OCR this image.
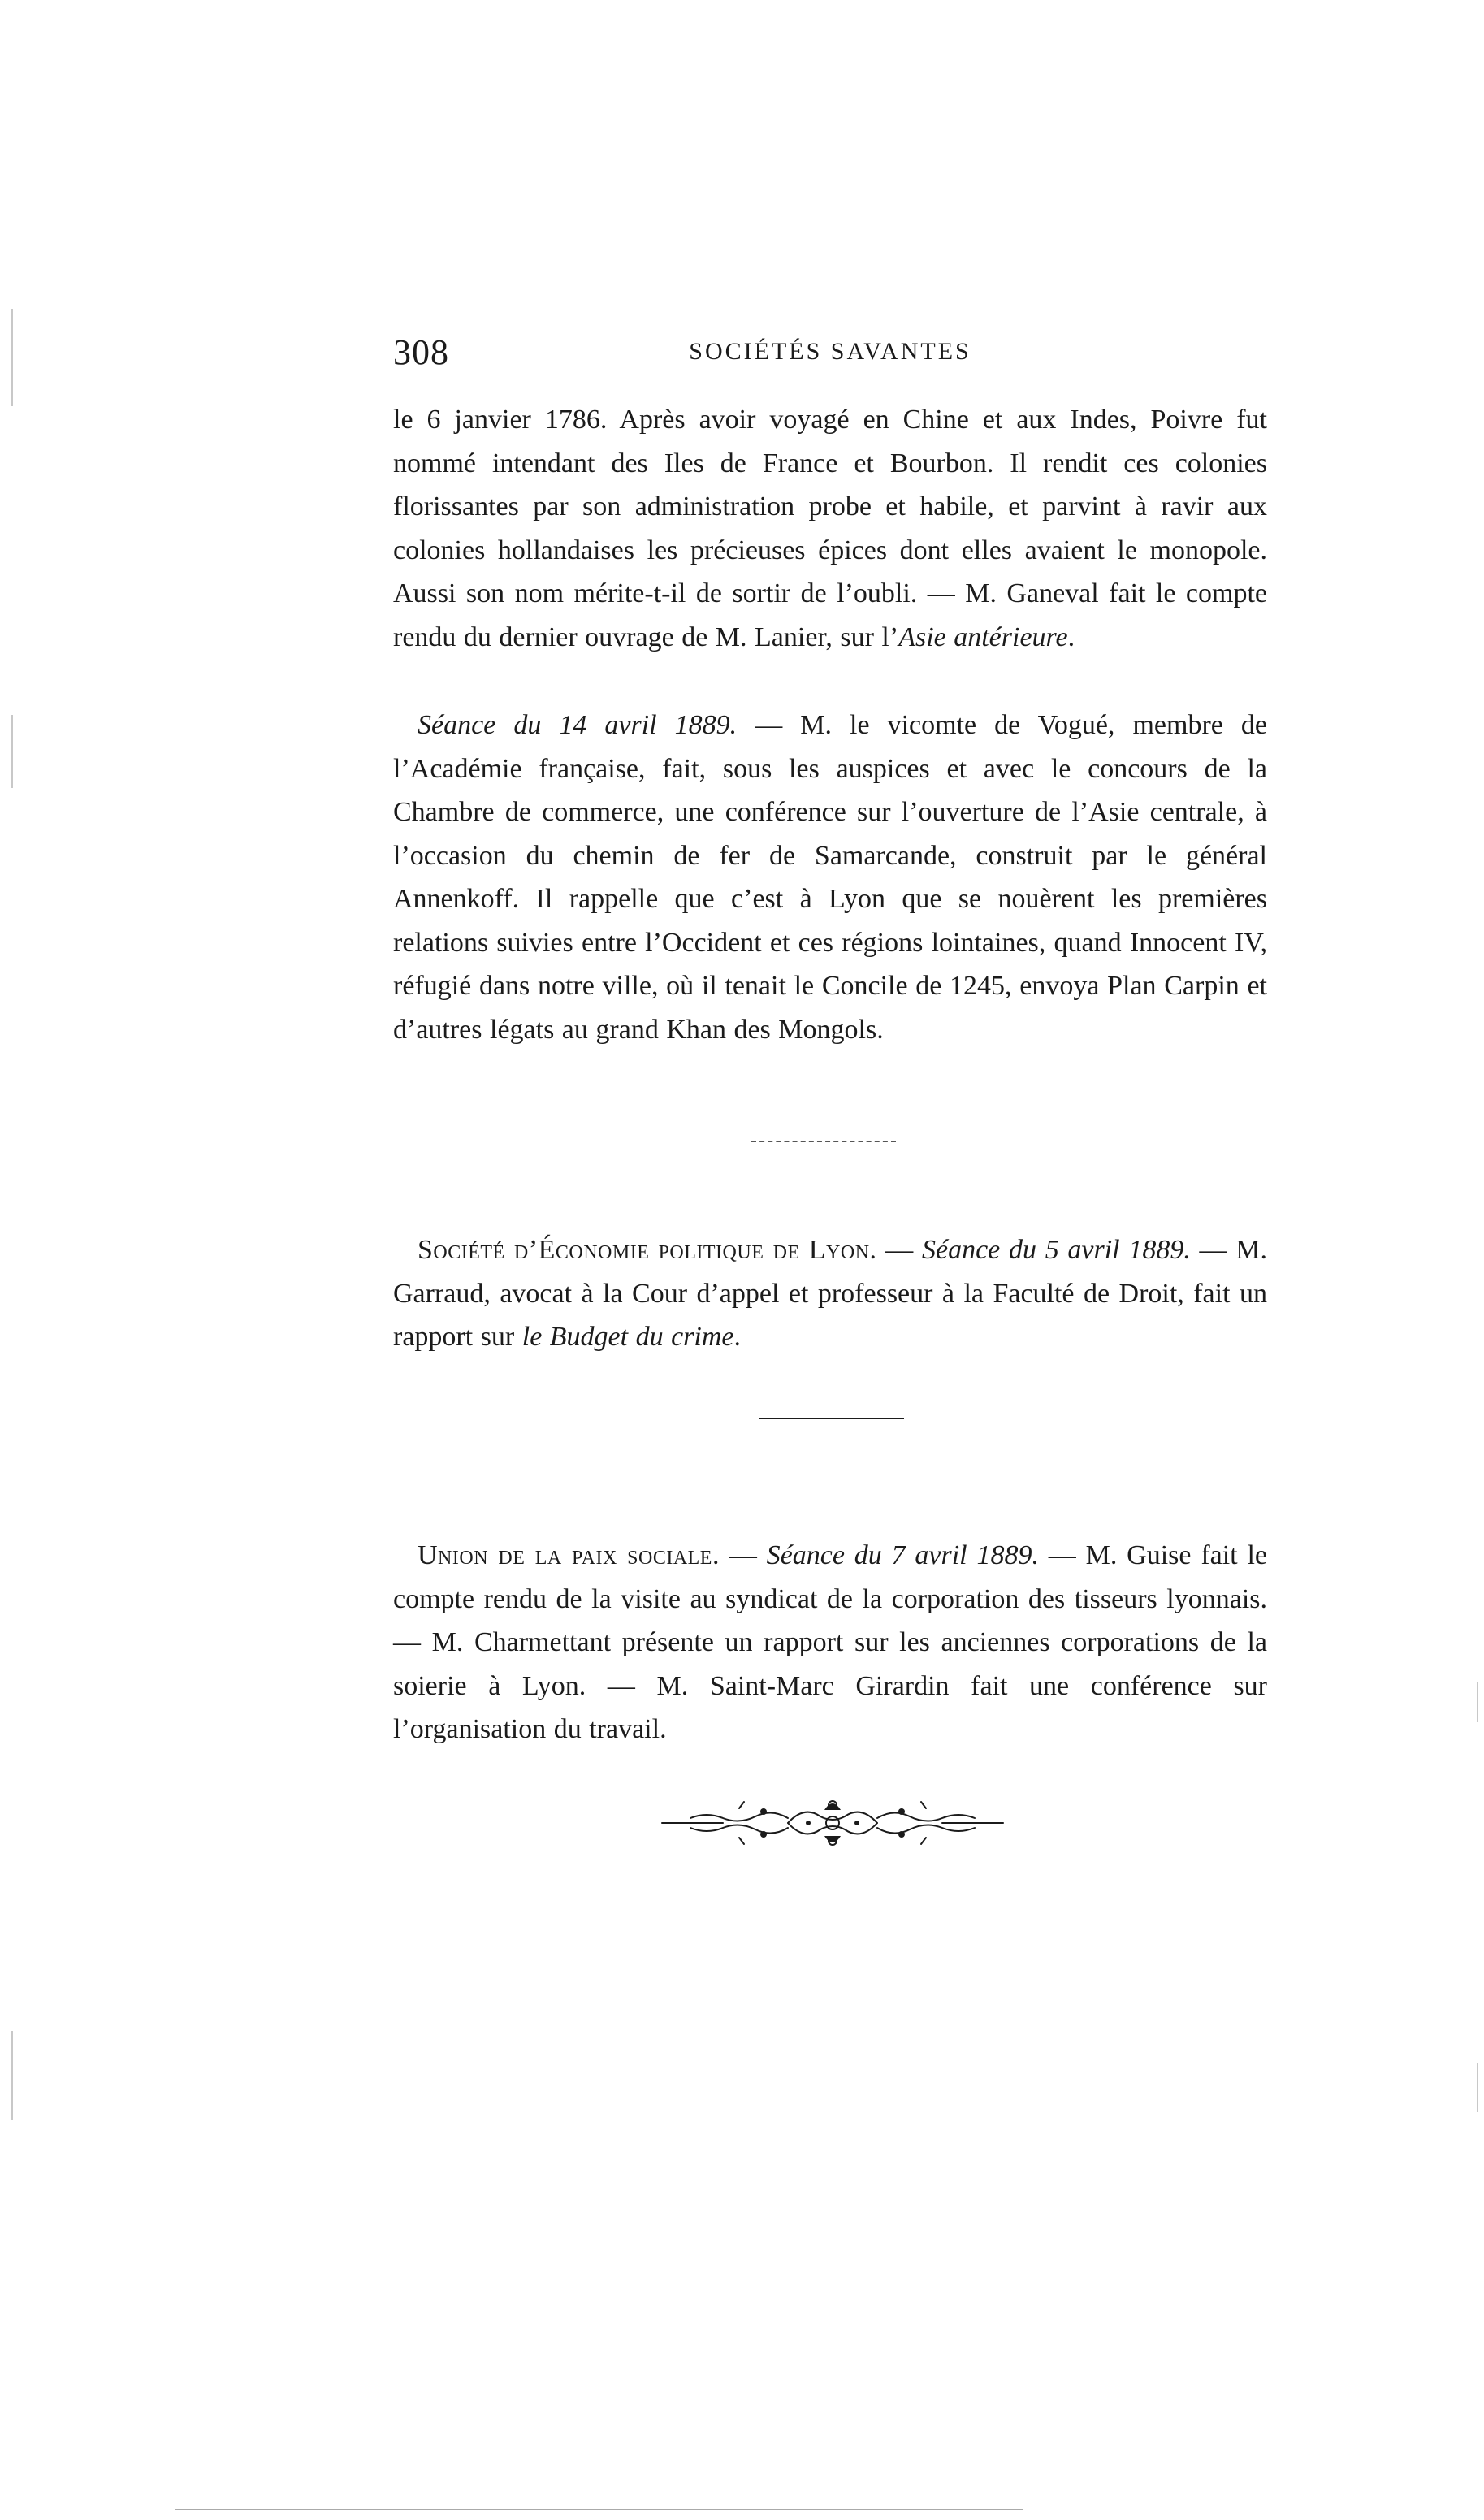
308	SOCIÉTÉS SAVANTES

le 6 janvier 1786. Après avoir voyagé en Chine et aux Indes, Poivre fut nommé intendant des Iles de France et Bourbon. Il rendit ces colonies florissantes par son administration probe et habile, et parvint à ravir aux colonies hollandaises les précieuses épices dont elles avaient le monopole. Aussi son nom mérite-t-il de sortir de l’oubli. — M. Ganeval fait le compte rendu du dernier ouvrage de M. Lanier, sur l’Asie antérieure.

Séance du 14 avril 1889. — M. le vicomte de Vogué, membre de l’Académie française, fait, sous les auspices et avec le concours de la Chambre de commerce, une conférence sur l’ouverture de l’Asie centrale, à l’occasion du chemin de fer de Samarcande, construit par le général Annenkoff. Il rappelle que c’est à Lyon que se nouèrent les premières relations suivies entre l’Occident et ces régions lointaines, quand Innocent IV, réfugié dans notre ville, où il tenait le Concile de 1245, envoya Plan Carpin et d’autres légats au grand Khan des Mongols.

Société d’Économie politique de Lyon. — Séance du 5 avril 1889. — M. Garraud, avocat à la Cour d’appel et professeur à la Faculté de Droit, fait un rapport sur le Budget du crime.

Union de la paix sociale. — Séance du 7 avril 1889. — M. Guise fait le compte rendu de la visite au syndicat de la corporation des tisseurs lyonnais. — M. Charmettant présente un rapport sur les anciennes corporations de la soierie à Lyon. — M. Saint-Marc Girardin fait une conférence sur l’organisation du travail.
